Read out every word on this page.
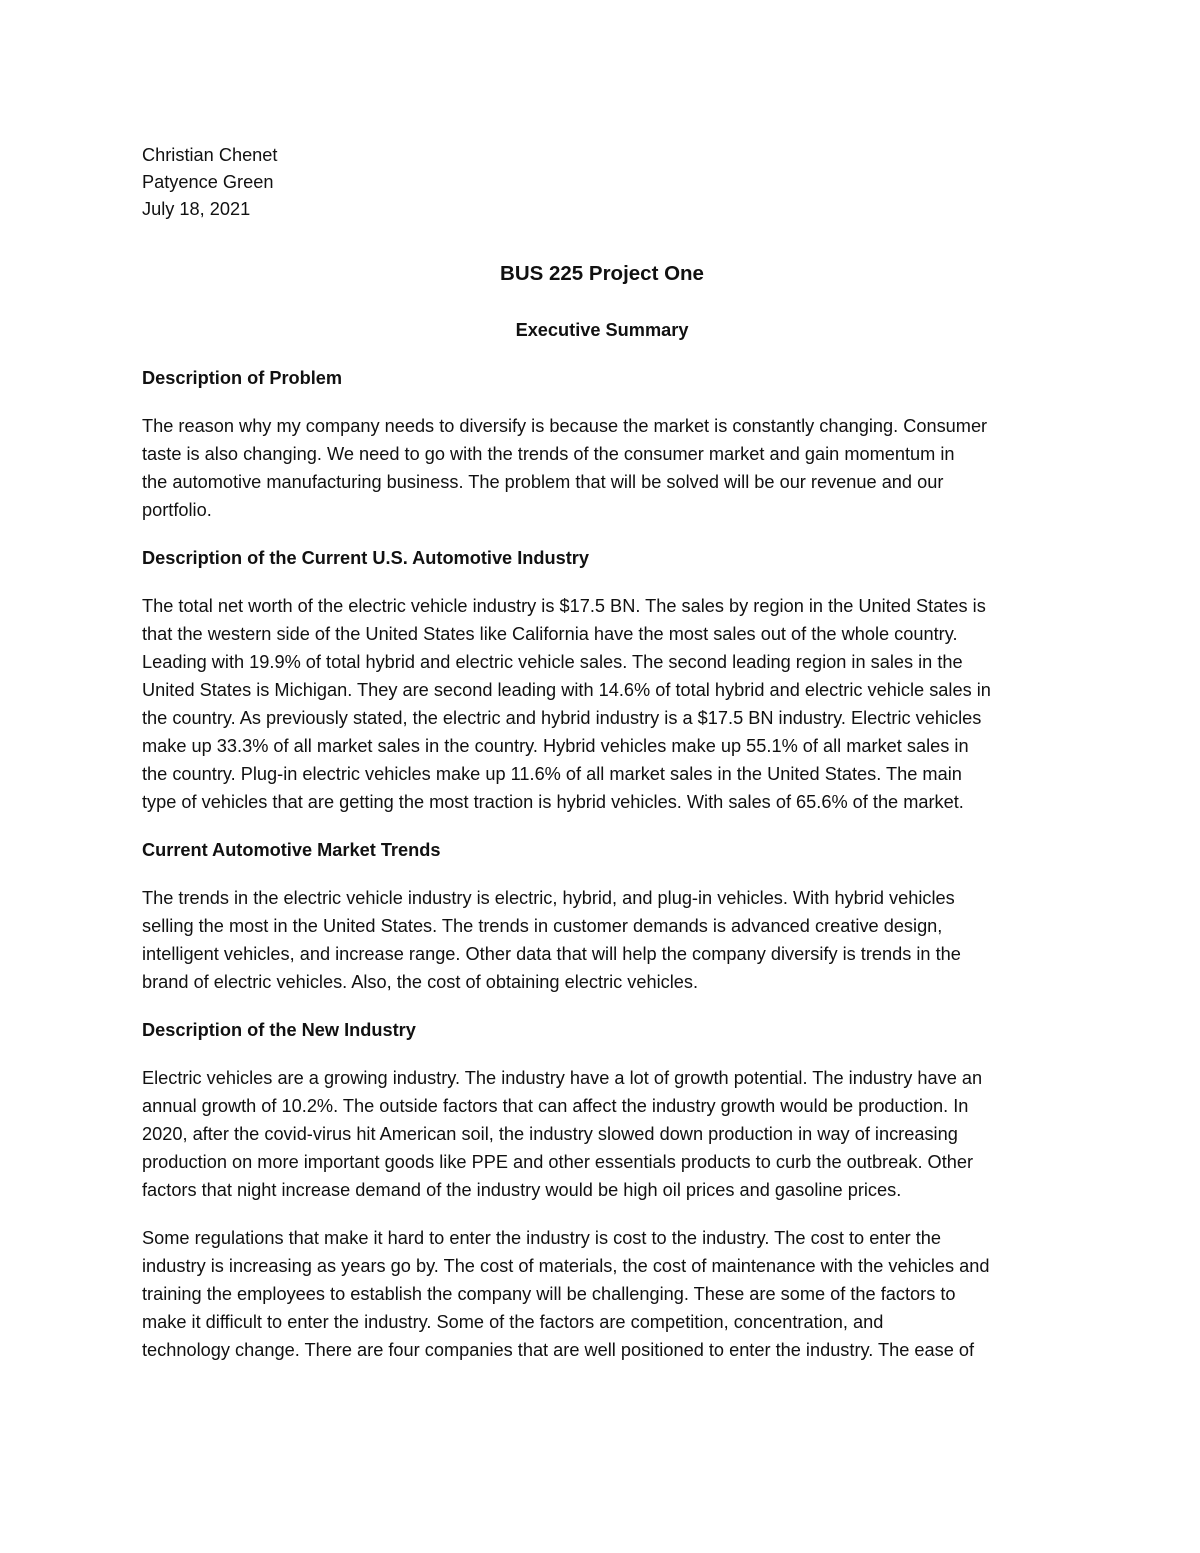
Christian Chenet
Patyence Green
July 18, 2021
BUS 225 Project One
Executive Summary
Description of Problem
The reason why my company needs to diversify is because the market is constantly changing. Consumer
taste is also changing. We need to go with the trends of the consumer market and gain momentum in
the automotive manufacturing business. The problem that will be solved will be our revenue and our
portfolio.
Description of the Current U.S. Automotive Industry
The total net worth of the electric vehicle industry is $17.5 BN. The sales by region in the United States is
that the western side of the United States like California have the most sales out of the whole country.
Leading with 19.9% of total hybrid and electric vehicle sales. The second leading region in sales in the
United States is Michigan. They are second leading with 14.6% of total hybrid and electric vehicle sales in
the country. As previously stated, the electric and hybrid industry is a $17.5 BN industry. Electric vehicles
make up 33.3% of all market sales in the country. Hybrid vehicles make up 55.1% of all market sales in
the country. Plug-in electric vehicles make up 11.6% of all market sales in the United States. The main
type of vehicles that are getting the most traction is hybrid vehicles. With sales of 65.6% of the market.
Current Automotive Market Trends
The trends in the electric vehicle industry is electric, hybrid, and plug-in vehicles. With hybrid vehicles
selling the most in the United States. The trends in customer demands is advanced creative design,
intelligent vehicles, and increase range. Other data that will help the company diversify is trends in the
brand of electric vehicles. Also, the cost of obtaining electric vehicles.
Description of the New Industry
Electric vehicles are a growing industry. The industry have a lot of growth potential. The industry have an
annual growth of 10.2%. The outside factors that can affect the industry growth would be production. In
2020, after the covid-virus hit American soil, the industry slowed down production in way of increasing
production on more important goods like PPE and other essentials products to curb the outbreak. Other
factors that night increase demand of the industry would be high oil prices and gasoline prices.
Some regulations that make it hard to enter the industry is cost to the industry. The cost to enter the
industry is increasing as years go by. The cost of materials, the cost of maintenance with the vehicles and
training the employees to establish the company will be challenging. These are some of the factors to
make it difficult to enter the industry. Some of the factors are competition, concentration, and
technology change. There are four companies that are well positioned to enter the industry. The ease of
